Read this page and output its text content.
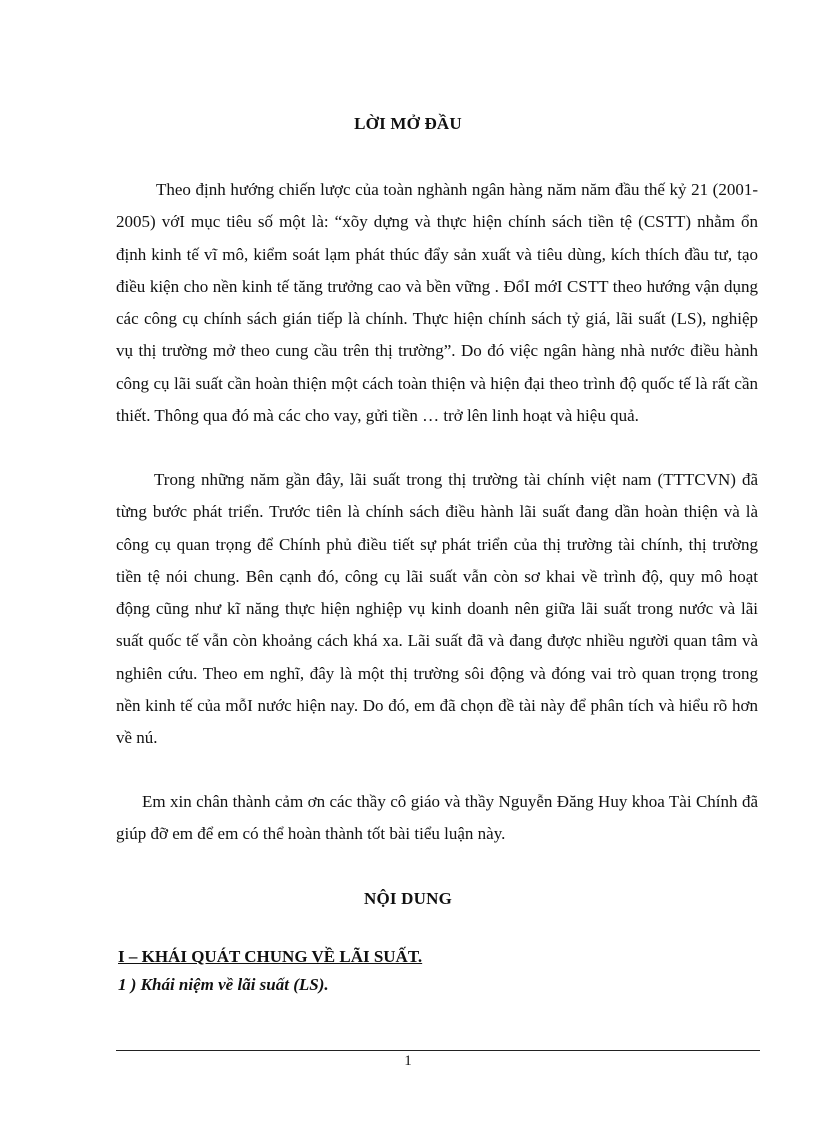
LỜI MỞ ĐẦU

Theo định hướng chiến lược của toàn nghành ngân hàng năm năm đầu thế kỷ 21 (2001-2005) vớI mục tiêu số một là: “xõy dựng và thực hiện chính sách tiền tệ (CSTT) nhằm ổn định kinh tế vĩ mô, kiểm soát lạm phát thúc đẩy sản xuất và tiêu dùng, kích thích đầu tư, tạo điều kiện cho nền kinh tế tăng trưởng cao và bền vững . ĐổI mớI CSTT theo hướng vận dụng các công cụ chính sách gián tiếp là chính. Thực hiện chính sách tỷ giá, lãi suất (LS), nghiệp vụ thị trường mở theo cung cầu trên thị trường”. Do đó việc ngân hàng nhà nước điều hành công cụ lãi suất cần hoàn thiện một cách toàn thiện và hiện đại theo trình độ quốc tế là rất cần thiết. Thông qua đó mà các cho vay, gửi tiền … trở lên linh hoạt và hiệu quả.

Trong những năm gần đây, lãi suất trong thị trường tài chính việt nam (TTTCVN) đã từng bước phát triển. Trước tiên là chính sách điều hành lãi suất đang dần hoàn thiện và là công cụ quan trọng để Chính phủ điều tiết sự phát triển của thị trường tài chính, thị trường tiền tệ nói chung. Bên cạnh đó, công cụ lãi suất vẫn còn sơ khai về trình độ, quy mô hoạt động cũng như kĩ năng thực hiện nghiệp vụ kinh doanh nên giữa lãi suất trong nước và lãi suất quốc tế vẫn còn khoảng cách khá xa. Lãi suất đã và đang được nhiều người quan tâm và nghiên cứu. Theo em nghĩ, đây là một thị trường sôi động và đóng vai trò quan trọng trong nền kinh tế của mỗI nước hiện nay. Do đó, em đã chọn đề tài này để phân tích và hiểu rõ hơn về nú.

Em xin chân thành cảm ơn các thầy cô giáo và thầy Nguyễn Đăng Huy khoa Tài Chính đã giúp đỡ em để em có thể hoàn thành tốt bài tiểu luận này.

NỘI DUNG
I – KHÁI QUÁT CHUNG VỀ LÃI SUẤT.
1 ) Khái niệm về lãi suất (LS).
1
